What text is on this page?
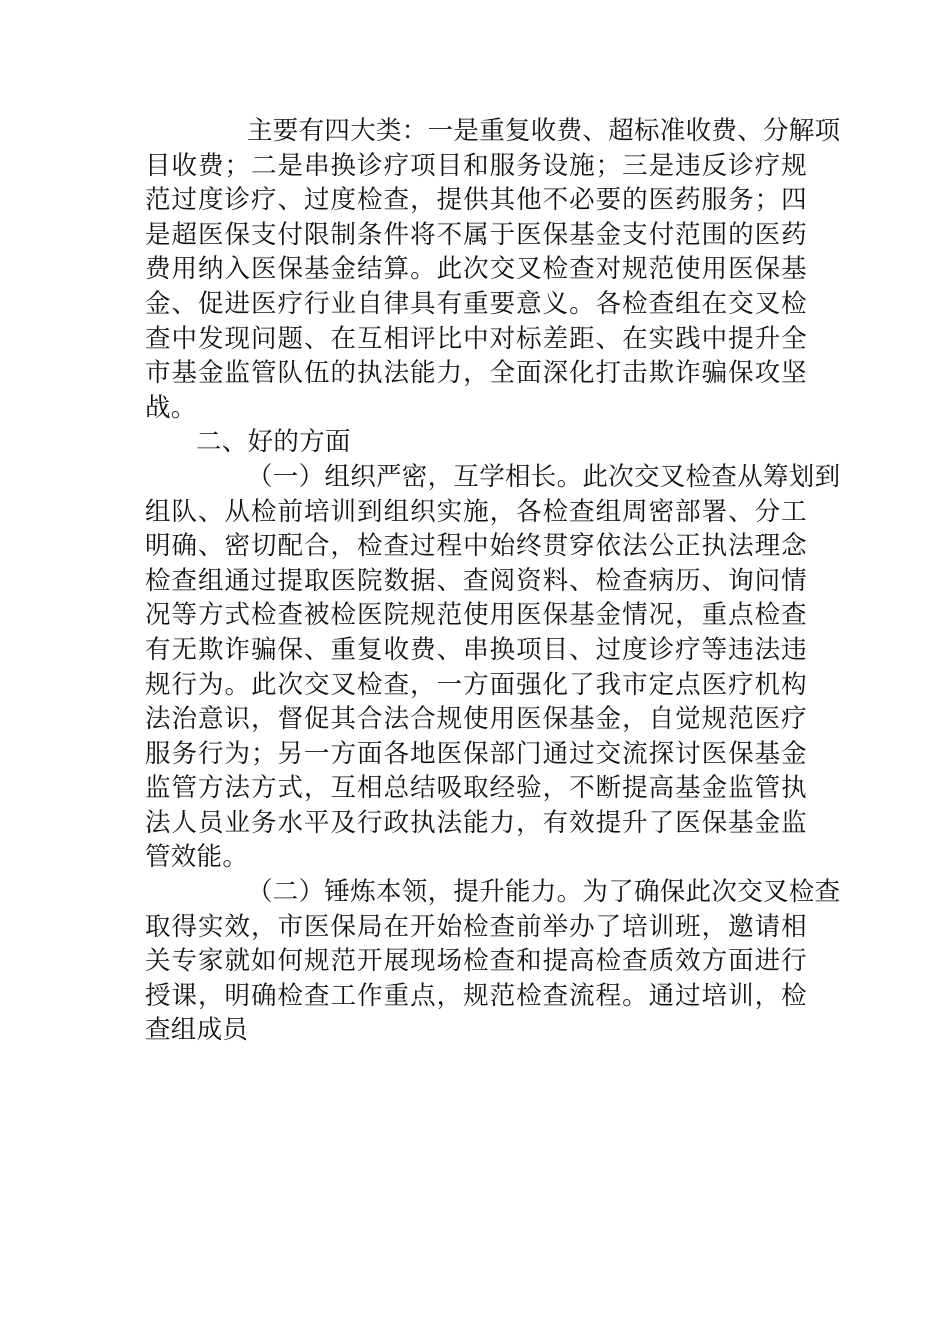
主要有四大类：一是重复收费、超标准收费、分解项
目收费；二是串换诊疗项目和服务设施；三是违反诊疗规
范过度诊疗、过度检查，提供其他不必要的医药服务；四
是超医保支付限制条件将不属于医保基金支付范围的医药
费用纳入医保基金结算。此次交叉检查对规范使用医保基
金、促进医疗行业自律具有重要意义。各检查组在交叉检
查中发现问题、在互相评比中对标差距、在实践中提升全
市基金监管队伍的执法能力，全面深化打击欺诈骗保攻坚
战。
二、好的方面
（一）组织严密，互学相长。此次交叉检查从筹划到
组队、从检前培训到组织实施，各检查组周密部署、分工
明确、密切配合，检查过程中始终贯穿依法公正执法理念
检查组通过提取医院数据、查阅资料、检查病历、询问情
况等方式检查被检医院规范使用医保基金情况，重点检查
有无欺诈骗保、重复收费、串换项目、过度诊疗等违法违
规行为。此次交叉检查，一方面强化了我市定点医疗机构
法治意识，督促其合法合规使用医保基金，自觉规范医疗
服务行为；另一方面各地医保部门通过交流探讨医保基金
监管方法方式，互相总结吸取经验，不断提高基金监管执
法人员业务水平及行政执法能力，有效提升了医保基金监
管效能。
（二）锤炼本领，提升能力。为了确保此次交叉检查
取得实效，市医保局在开始检查前举办了培训班，邀请相
关专家就如何规范开展现场检查和提高检查质效方面进行
授课，明确检查工作重点，规范检查流程。通过培训，检
查组成员
